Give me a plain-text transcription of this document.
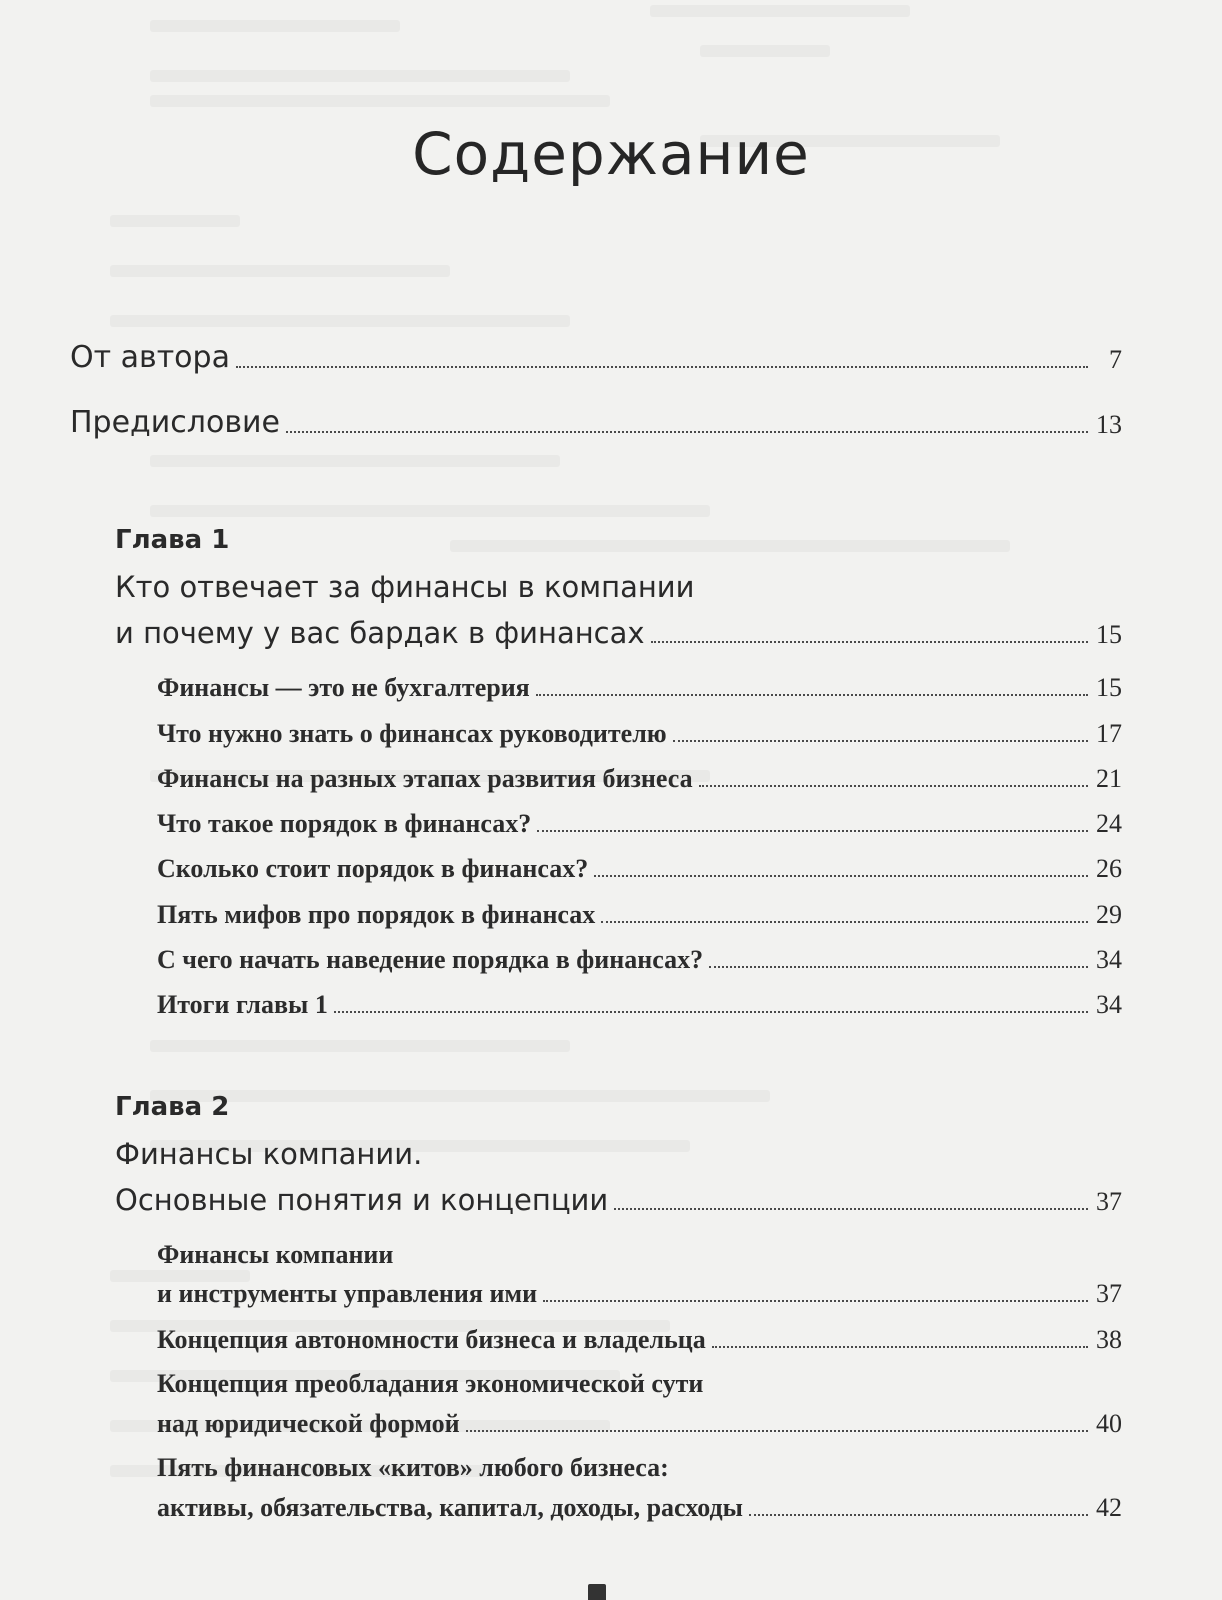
Содержание
От автора	7
Предисловие	13
Глава 1
Кто отвечает за финансы в компании
и почему у вас бардак в финансах	15
Финансы — это не бухгалтерия	15
Что нужно знать о финансах руководителю	17
Финансы на разных этапах развития бизнеса	21
Что такое порядок в финансах?	24
Сколько стоит порядок в финансах?	26
Пять мифов про порядок в финансах	29
С чего начать наведение порядка в финансах?	34
Итоги главы 1	34
Глава 2
Финансы компании.
Основные понятия и концепции	37
Финансы компании
и инструменты управления ими	37
Концепция автономности бизнеса и владельца	38
Концепция преобладания экономической сути
над юридической формой	40
Пять финансовых «китов» любого бизнеса:
активы, обязательства, капитал, доходы, расходы	42
